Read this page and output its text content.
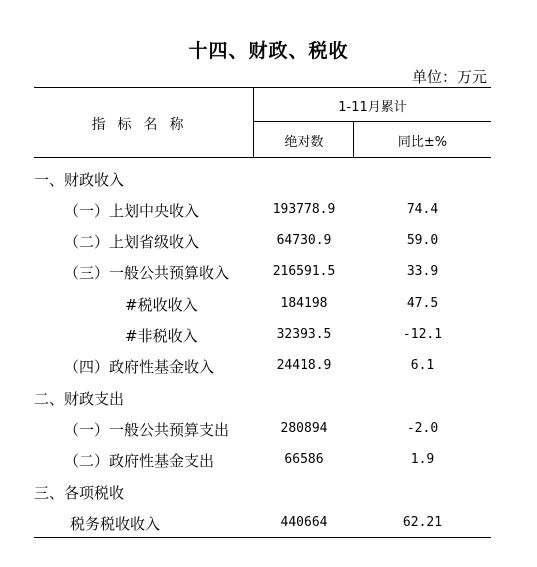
十四、财政、税收
单位：万元
指标名称
1-11月累计
绝对数	同比±%
一、财政收入
（一）上划中央收入	193778.9	74.4
（二）上划省级收入	64730.9	59.0
（三）一般公共预算收入	216591.5	33.9
#税收收入	184198	47.5
#非税收入	32393.5	-12.1
（四）政府性基金收入	24418.9	6.1
二、财政支出
（一）一般公共预算支出	280894	-2.0
（二）政府性基金支出	66586	1.9
三、各项税收
税务税收收入	440664	62.21
